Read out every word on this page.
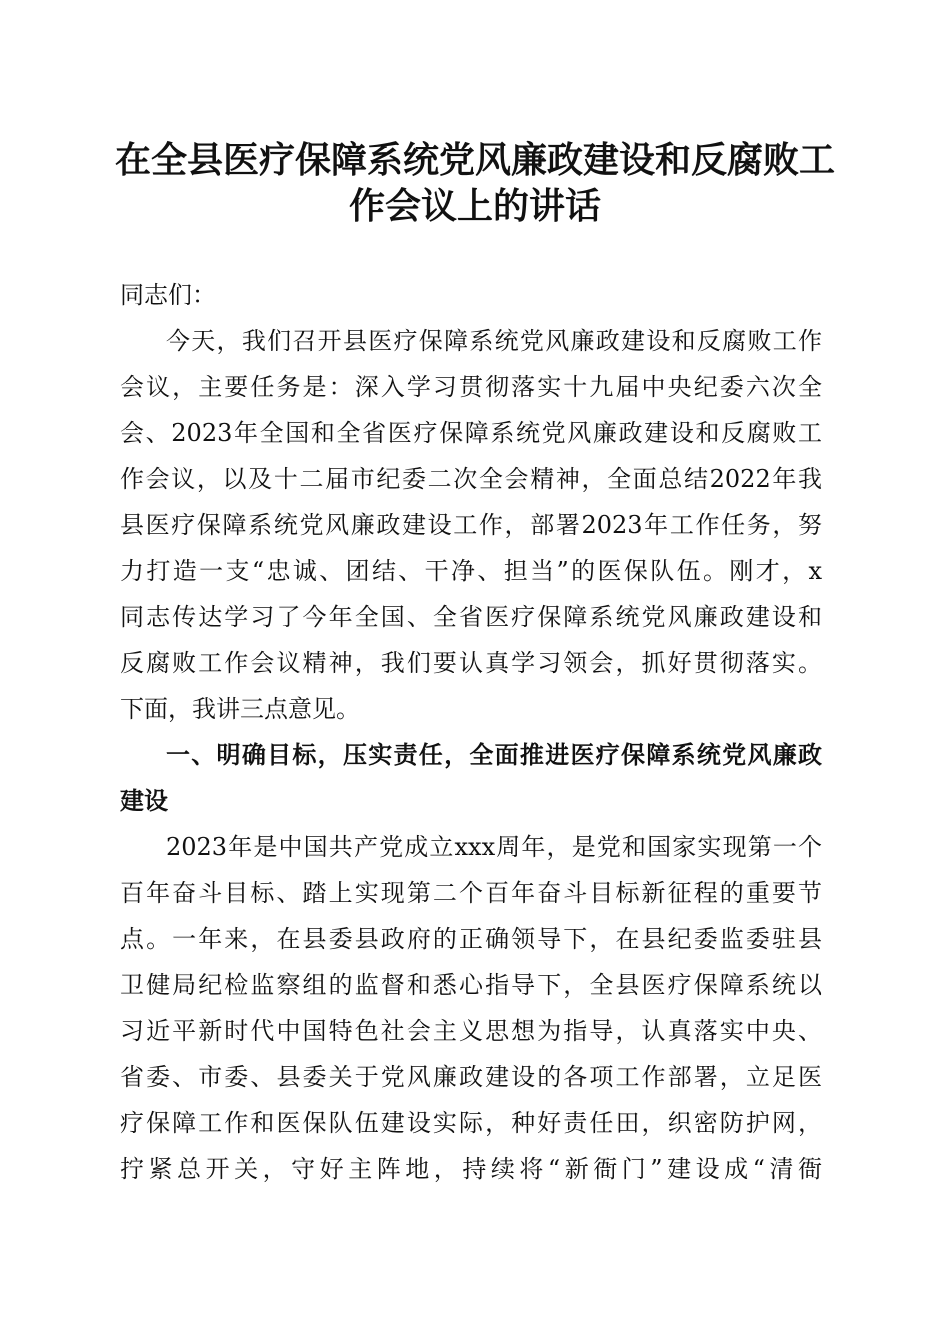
在全县医疗保障系统党风廉政建设和反腐败工
作会议上的讲话
同志们：
今天，我们召开县医疗保障系统党风廉政建设和反腐败工作
会议，主要任务是：深入学习贯彻落实十九届中央纪委六次全
会、2023年全国和全省医疗保障系统党风廉政建设和反腐败工
作会议，以及十二届市纪委二次全会精神，全面总结2022年我
县医疗保障系统党风廉政建设工作，部署2023年工作任务，努
力打造一支“忠诚、团结、干净、担当”的医保队伍。刚才，x
同志传达学习了今年全国、全省医疗保障系统党风廉政建设和
反腐败工作会议精神，我们要认真学习领会，抓好贯彻落实。
下面，我讲三点意见。
一、明确目标，压实责任，全面推进医疗保障系统党风廉政
建设
2023年是中国共产党成立xxx周年，是党和国家实现第一个
百年奋斗目标、踏上实现第二个百年奋斗目标新征程的重要节
点。一年来，在县委县政府的正确领导下，在县纪委监委驻县
卫健局纪检监察组的监督和悉心指导下，全县医疗保障系统以
习近平新时代中国特色社会主义思想为指导，认真落实中央、
省委、市委、县委关于党风廉政建设的各项工作部署，立足医
疗保障工作和医保队伍建设实际，种好责任田，织密防护网，
拧紧总开关，守好主阵地，持续将“新衙门”建设成“清衙
